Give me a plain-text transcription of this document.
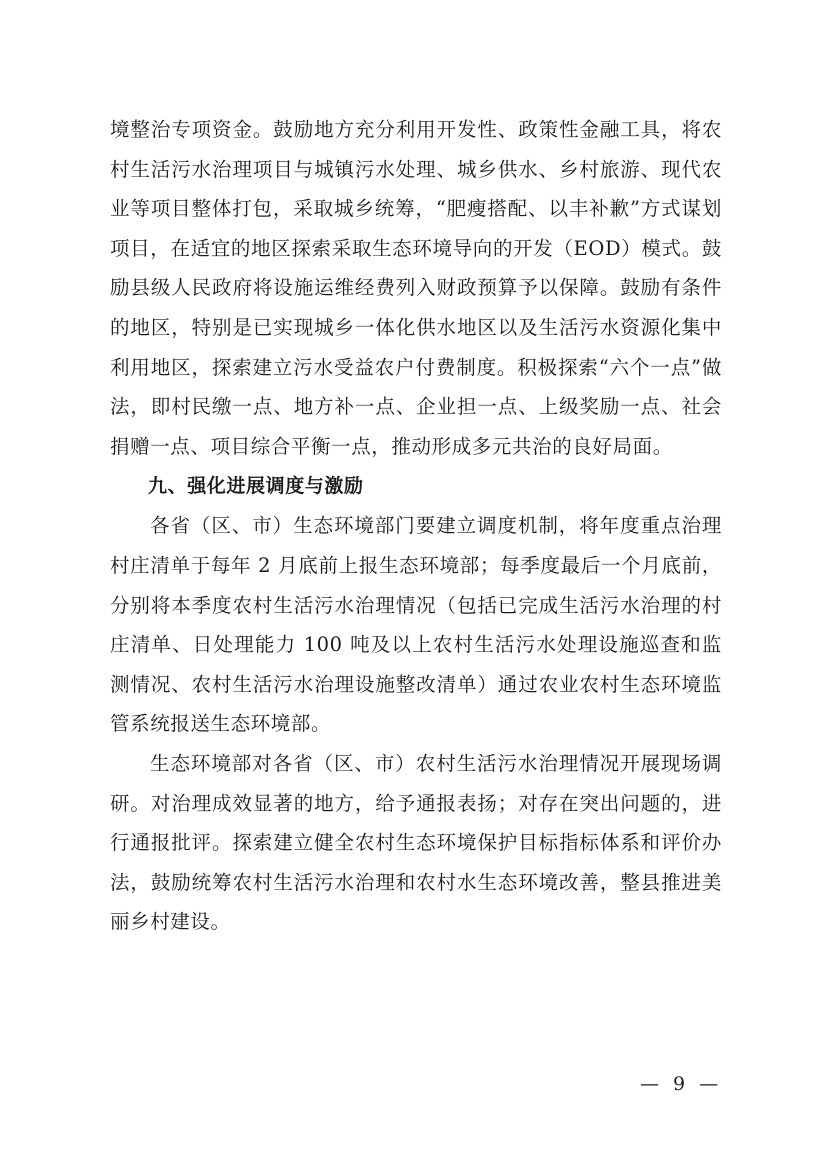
境整治专项资金。鼓励地方充分利用开发性、政策性金融工具，将农村生活污水治理项目与城镇污水处理、城乡供水、乡村旅游、现代农业等项目整体打包，采取城乡统筹，“肥瘦搭配、以丰补歉”方式谋划项目，在适宜的地区探索采取生态环境导向的开发（EOD）模式。鼓励县级人民政府将设施运维经费列入财政预算予以保障。鼓励有条件的地区，特别是已实现城乡一体化供水地区以及生活污水资源化集中利用地区，探索建立污水受益农户付费制度。积极探索“六个一点”做法，即村民缴一点、地方补一点、企业担一点、上级奖励一点、社会捐赠一点、项目综合平衡一点，推动形成多元共治的良好局面。

九、强化进展调度与激励

各省（区、市）生态环境部门要建立调度机制，将年度重点治理村庄清单于每年 2 月底前上报生态环境部；每季度最后一个月底前，分别将本季度农村生活污水治理情况（包括已完成生活污水治理的村庄清单、日处理能力 100 吨及以上农村生活污水处理设施巡查和监测情况、农村生活污水治理设施整改清单）通过农业农村生态环境监管系统报送生态环境部。

生态环境部对各省（区、市）农村生活污水治理情况开展现场调研。对治理成效显著的地方，给予通报表扬；对存在突出问题的，进行通报批评。探索建立健全农村生态环境保护目标指标体系和评价办法，鼓励统筹农村生活污水治理和农村水生态环境改善，整县推进美丽乡村建设。

— 9 —
